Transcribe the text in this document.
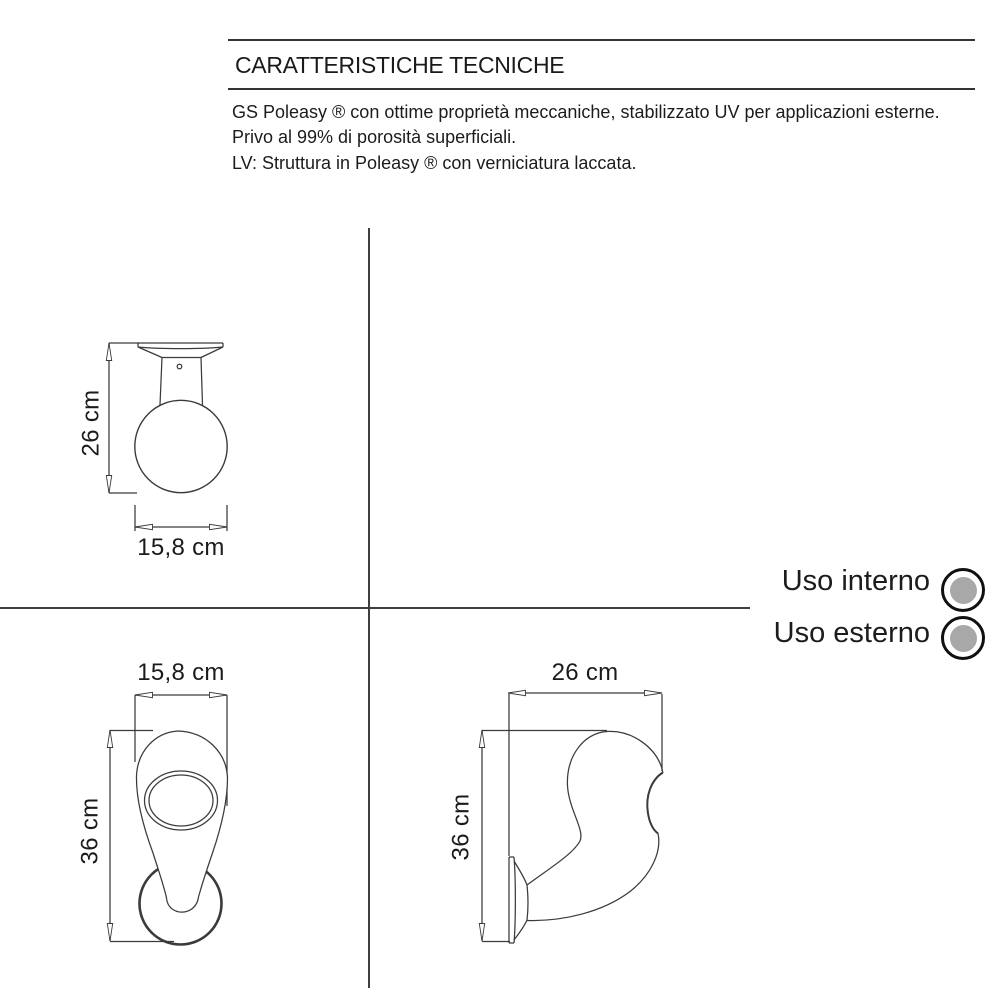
CARATTERISTICHE TECNICHE
GS Poleasy ® con ottime proprietà meccaniche, stabilizzato UV per applicazioni esterne.
Privo al 99% di porosità superficiali.
LV: Struttura in Poleasy ® con verniciatura laccata.
Uso interno
Uso esterno
26 cm
15,8 cm
15,8 cm
36 cm
26 cm
36 cm
